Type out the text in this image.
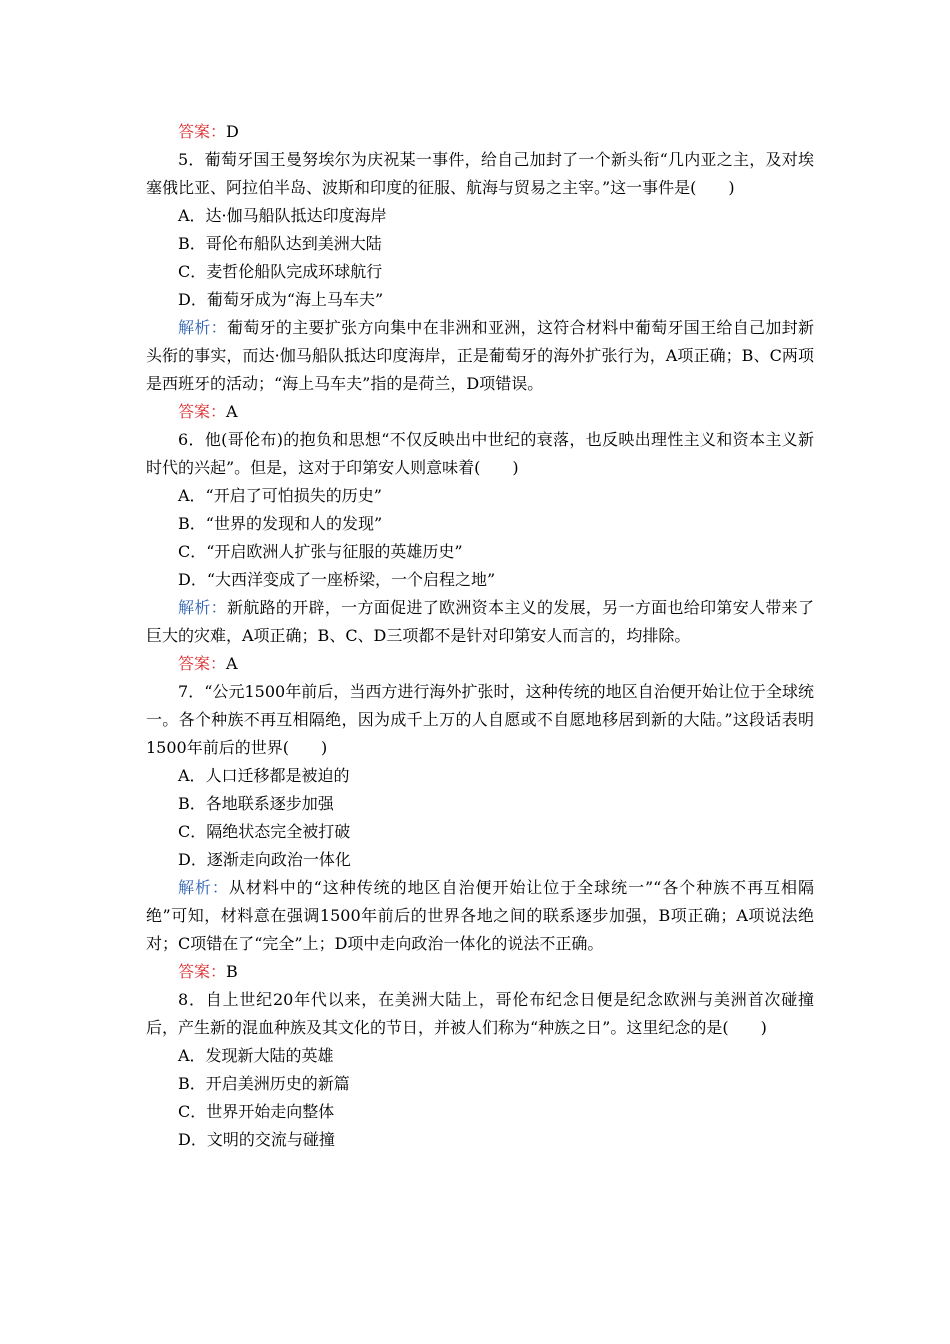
答案：D
5．葡萄牙国王曼努埃尔为庆祝某一事件，给自己加封了一个新头衔“几内亚之主，及对埃塞俄比亚、阿拉伯半岛、波斯和印度的征服、航海与贸易之主宰。”这一事件是(　　)
A．达·伽马船队抵达印度海岸
B．哥伦布船队达到美洲大陆
C．麦哲伦船队完成环球航行
D．葡萄牙成为“海上马车夫”
解析：葡萄牙的主要扩张方向集中在非洲和亚洲，这符合材料中葡萄牙国王给自己加封新头衔的事实，而达·伽马船队抵达印度海岸，正是葡萄牙的海外扩张行为，A项正确；B、C两项是西班牙的活动；“海上马车夫”指的是荷兰，D项错误。
答案：A
6．他(哥伦布)的抱负和思想“不仅反映出中世纪的衰落，也反映出理性主义和资本主义新时代的兴起”。但是，这对于印第安人则意味着(　　)
A．“开启了可怕损失的历史”
B．“世界的发现和人的发现”
C．“开启欧洲人扩张与征服的英雄历史”
D．“大西洋变成了一座桥梁，一个启程之地”
解析：新航路的开辟，一方面促进了欧洲资本主义的发展，另一方面也给印第安人带来了巨大的灾难，A项正确；B、C、D三项都不是针对印第安人而言的，均排除。
答案：A
7．“公元1500年前后，当西方进行海外扩张时，这种传统的地区自治便开始让位于全球统一。各个种族不再互相隔绝，因为成千上万的人自愿或不自愿地移居到新的大陆。”这段话表明1500年前后的世界(　　)
A．人口迁移都是被迫的
B．各地联系逐步加强
C．隔绝状态完全被打破
D．逐渐走向政治一体化
解析：从材料中的“这种传统的地区自治便开始让位于全球统一”“各个种族不再互相隔绝”可知，材料意在强调1500年前后的世界各地之间的联系逐步加强，B项正确；A项说法绝对；C项错在了“完全”上；D项中走向政治一体化的说法不正确。
答案：B
8．自上世纪20年代以来，在美洲大陆上，哥伦布纪念日便是纪念欧洲与美洲首次碰撞后，产生新的混血种族及其文化的节日，并被人们称为“种族之日”。这里纪念的是(　　)
A．发现新大陆的英雄
B．开启美洲历史的新篇
C．世界开始走向整体
D．文明的交流与碰撞
